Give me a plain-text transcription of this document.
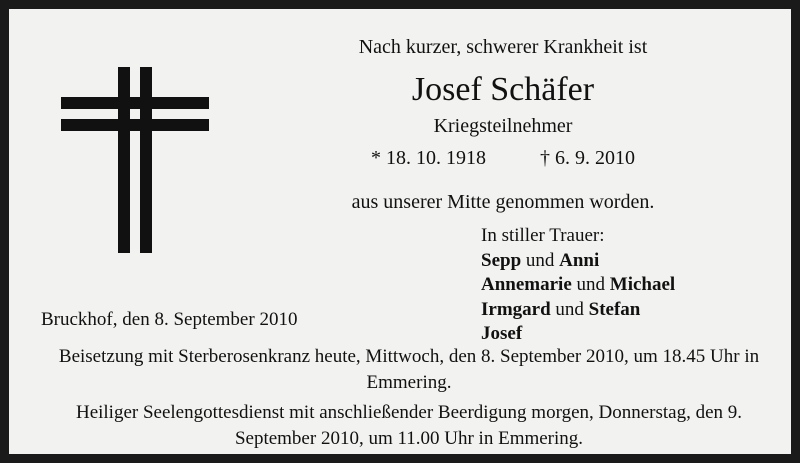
Nach kurzer, schwerer Krankheit ist
Josef Schäfer
Kriegsteilnehmer
* 18. 10. 1918	† 6. 9. 2010
aus unserer Mitte genommen worden.
In stiller Trauer:
Sepp und Anni
Annemarie und Michael
Irmgard und Stefan
Josef
Bruckhof, den 8. September 2010
Beisetzung mit Sterberosenkranz heute, Mittwoch, den 8. September 2010, um 18.45 Uhr in Emmering.
Heiliger Seelengottesdienst mit anschließender Beerdigung morgen, Donnerstag, den 9. September 2010, um 11.00 Uhr in Emmering.
